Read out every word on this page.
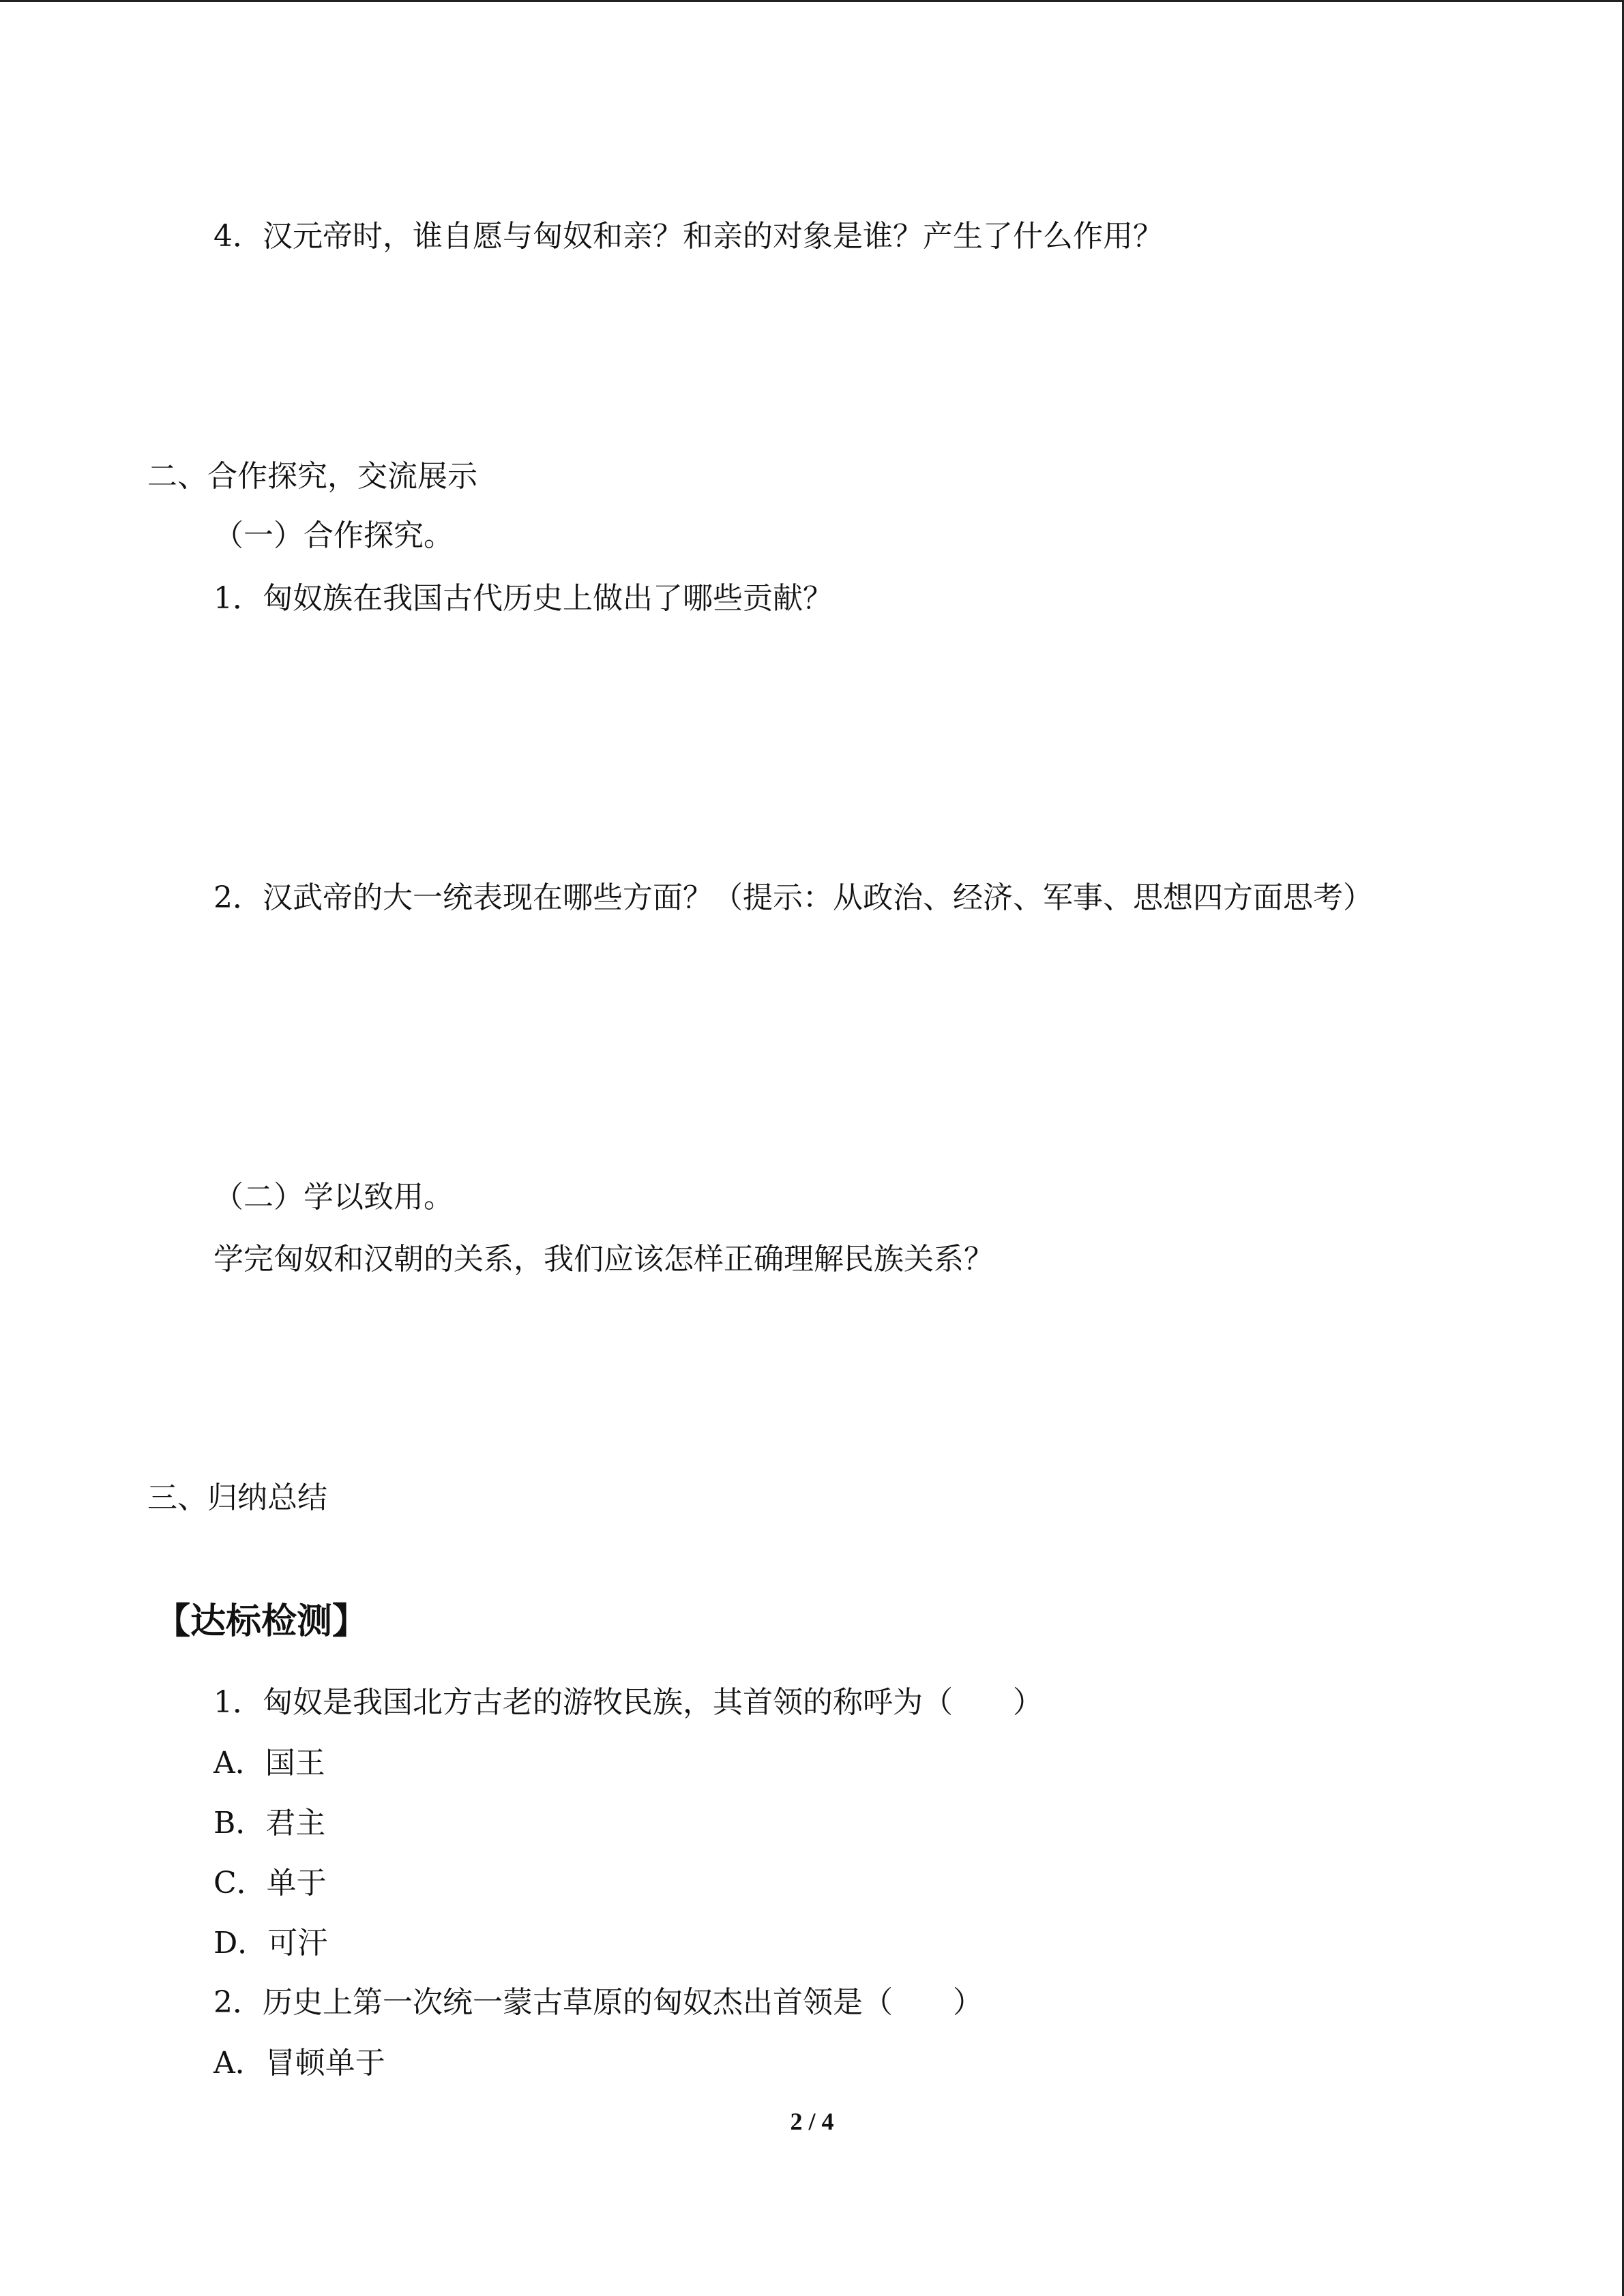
4．汉元帝时，谁自愿与匈奴和亲？和亲的对象是谁？产生了什么作用？
二、合作探究，交流展示
（一）合作探究。
1．匈奴族在我国古代历史上做出了哪些贡献？
2．汉武帝的大一统表现在哪些方面？（提示：从政治、经济、军事、思想四方面思考）
（二）学以致用。
学完匈奴和汉朝的关系，我们应该怎样正确理解民族关系？
三、归纳总结
【达标检测】
1．匈奴是我国北方古老的游牧民族，其首领的称呼为（　　）
A．国王
B．君主
C．单于
D．可汗
2．历史上第一次统一蒙古草原的匈奴杰出首领是（　　）
A．冒顿单于
2 / 4
